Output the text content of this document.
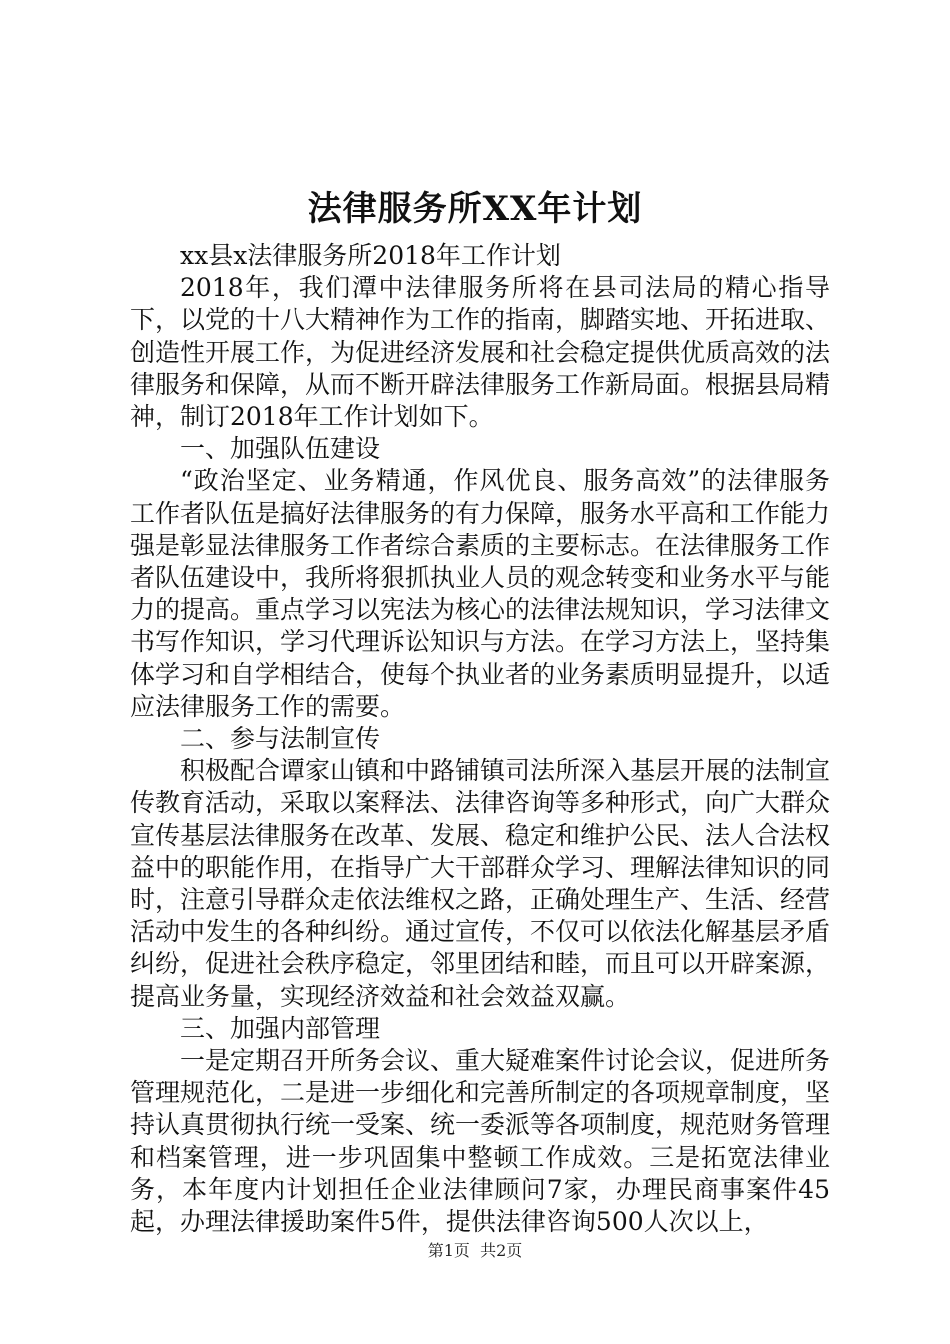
法律服务所XX年计划

xx县x法律服务所2018年工作计划

2018年，我们潭中法律服务所将在县司法局的精心指导下，以党的十八大精神作为工作的指南，脚踏实地、开拓进取、创造性开展工作，为促进经济发展和社会稳定提供优质高效的法律服务和保障，从而不断开辟法律服务工作新局面。根据县局精神，制订2018年工作计划如下。

一、加强队伍建设

“政治坚定、业务精通，作风优良、服务高效”的法律服务工作者队伍是搞好法律服务的有力保障，服务水平高和工作能力强是彰显法律服务工作者综合素质的主要标志。在法律服务工作者队伍建设中，我所将狠抓执业人员的观念转变和业务水平与能力的提高。重点学习以宪法为核心的法律法规知识，学习法律文书写作知识，学习代理诉讼知识与方法。在学习方法上，坚持集体学习和自学相结合，使每个执业者的业务素质明显提升，以适应法律服务工作的需要。

二、参与法制宣传

积极配合谭家山镇和中路铺镇司法所深入基层开展的法制宣传教育活动，采取以案释法、法律咨询等多种形式，向广大群众宣传基层法律服务在改革、发展、稳定和维护公民、法人合法权益中的职能作用，在指导广大干部群众学习、理解法律知识的同时，注意引导群众走依法维权之路，正确处理生产、生活、经营活动中发生的各种纠纷。通过宣传，不仅可以依法化解基层矛盾纠纷，促进社会秩序稳定，邻里团结和睦，而且可以开辟案源，提高业务量，实现经济效益和社会效益双赢。

三、加强内部管理

一是定期召开所务会议、重大疑难案件讨论会议，促进所务管理规范化，二是进一步细化和完善所制定的各项规章制度，坚持认真贯彻执行统一受案、统一委派等各项制度，规范财务管理和档案管理，进一步巩固集中整顿工作成效。三是拓宽法律业务，本年度内计划担任企业法律顾问7家，办理民商事案件45起，办理法律援助案件5件，提供法律咨询500人次以上，

第1页  共2页
